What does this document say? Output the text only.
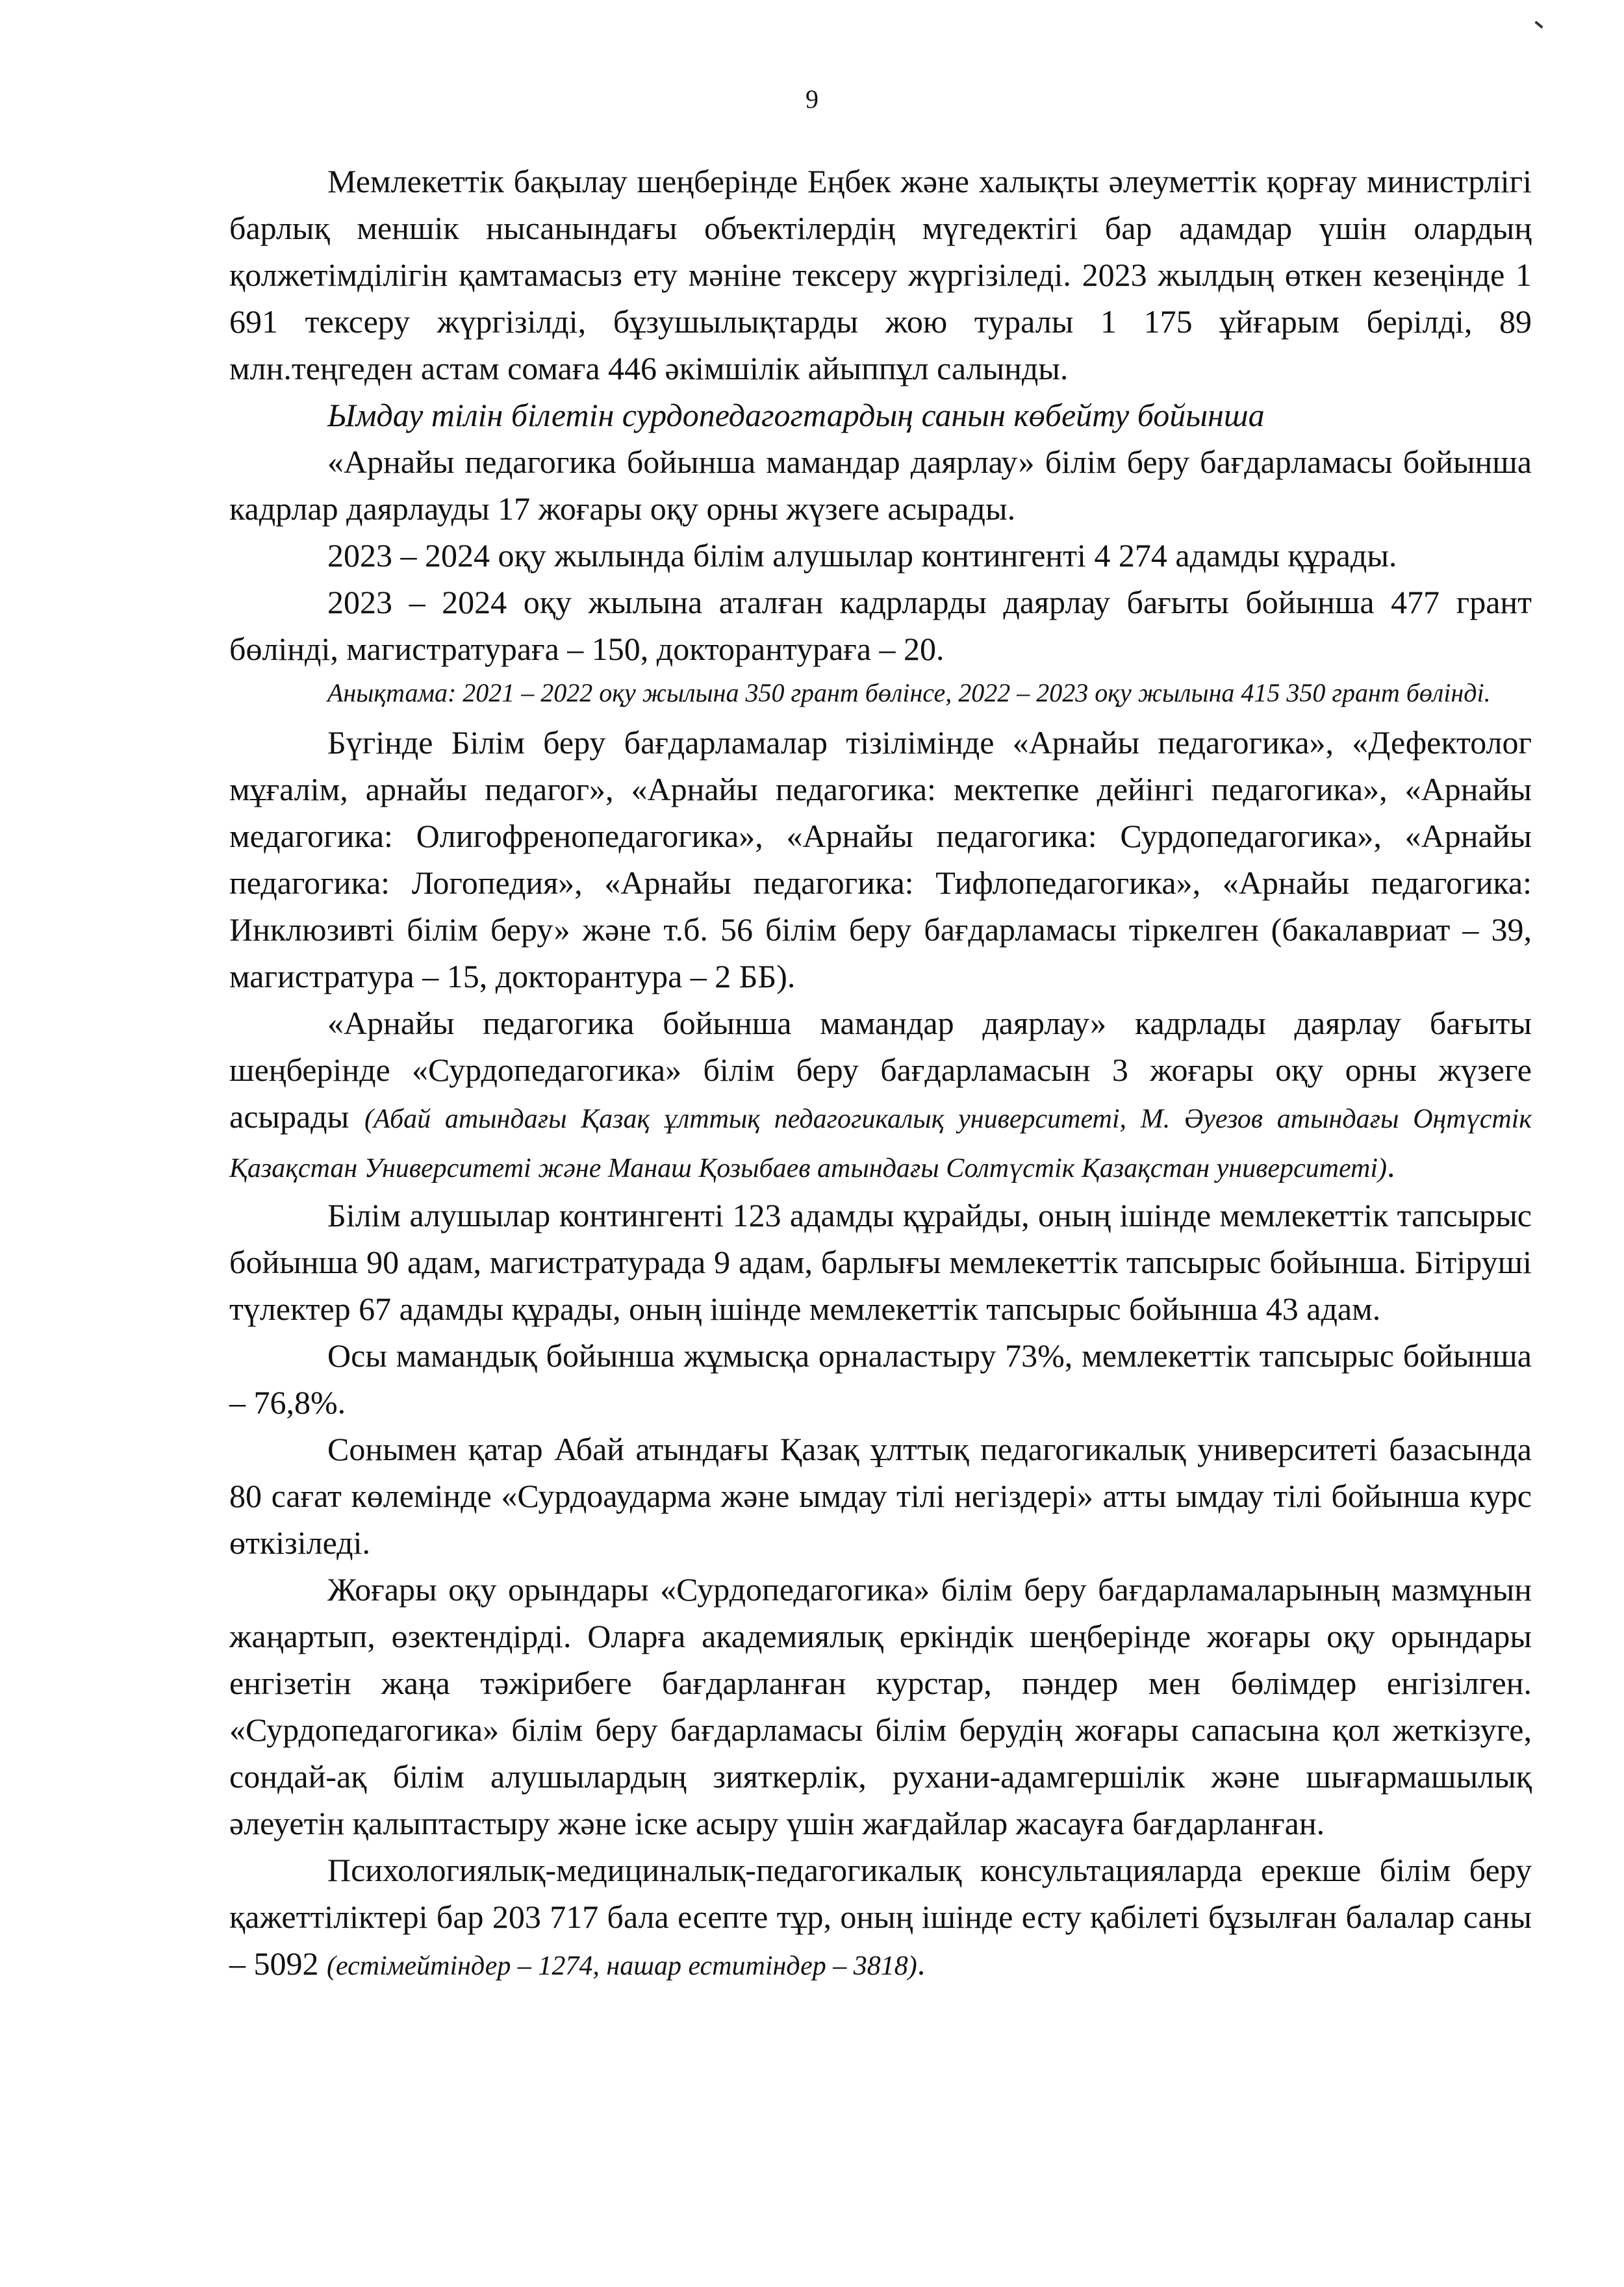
9

Мемлекеттік бақылау шеңберінде Еңбек және халықты әлеуметтік қорғау министрлігі барлық меншік нысанындағы объектілердің мүгедектігі бар адамдар үшін олардың қолжетімділігін қамтамасыз ету мәніне тексеру жүргізіледі. 2023 жылдың өткен кезеңінде 1 691 тексеру жүргізілді, бұзушылықтарды жою туралы 1 175 ұйғарым берілді, 89 млн.теңгеден астам сомаға 446 әкімшілік айыппұл салынды.

Ымдау тілін білетін сурдопедагогтардың санын көбейту бойынша

«Арнайы педагогика бойынша мамандар даярлау» білім беру бағдарламасы бойынша кадрлар даярлауды 17 жоғары оқу орны жүзеге асырады.

2023 – 2024 оқу жылында білім алушылар контингенті 4 274 адамды құрады.

2023 – 2024 оқу жылына аталған кадрларды даярлау бағыты бойынша 477 грант бөлінді, магистратураға – 150, докторантураға – 20.

Анықтама: 2021 – 2022 оқу жылына 350 грант бөлінсе, 2022 – 2023 оқу жылына 415 350 грант бөлінді.

Бүгінде Білім беру бағдарламалар тізілімінде «Арнайы педагогика», «Дефектолог мұғалім, арнайы педагог», «Арнайы педагогика: мектепке дейінгі педагогика», «Арнайы медагогика: Олигофренопедагогика», «Арнайы педагогика: Сурдопедагогика», «Арнайы педагогика: Логопедия», «Арнайы педагогика: Тифлопедагогика», «Арнайы педагогика: Инклюзивті білім беру» және т.б. 56 білім беру бағдарламасы тіркелген (бакалавриат – 39, магистратура – 15, докторантура – 2 ББ).

«Арнайы педагогика бойынша мамандар даярлау» кадрлады даярлау бағыты шеңберінде «Сурдопедагогика» білім беру бағдарламасын 3 жоғары оқу орны жүзеге асырады (Абай атындағы Қазақ ұлттық педагогикалық университеті, М. Әуезов атындағы Оңтүстік Қазақстан Университеті және Манаш Қозыбаев атындағы Солтүстік Қазақстан университеті).

Білім алушылар контингенті 123 адамды құрайды, оның ішінде мемлекеттік тапсырыс бойынша 90 адам, магистратурада 9 адам, барлығы мемлекеттік тапсырыс бойынша. Бітіруші түлектер 67 адамды құрады, оның ішінде мемлекеттік тапсырыс бойынша 43 адам.

Осы мамандық бойынша жұмысқа орналастыру 73%, мемлекеттік тапсырыс бойынша – 76,8%.

Сонымен қатар Абай атындағы Қазақ ұлттық педагогикалық университеті базасында 80 сағат көлемінде «Сурдоаударма және ымдау тілі негіздері» атты ымдау тілі бойынша курс өткізіледі.

Жоғары оқу орындары «Сурдопедагогика» білім беру бағдарламаларының мазмұнын жаңартып, өзектендірді. Оларға академиялық еркіндік шеңберінде жоғары оқу орындары енгізетін жаңа тәжірибеге бағдарланған курстар, пәндер мен бөлімдер енгізілген. «Сурдопедагогика» білім беру бағдарламасы білім берудің жоғары сапасына қол жеткізуге, сондай-ақ білім алушылардың зияткерлік, рухани-адамгершілік және шығармашылық әлеуетін қалыптастыру және іске асыру үшін жағдайлар жасауға бағдарланған.

Психологиялық-медициналық-педагогикалық консультацияларда ерекше білім беру қажеттіліктері бар 203 717 бала есепте тұр, оның ішінде есту қабілеті бұзылған балалар саны – 5092 (естімейтіндер – 1274, нашар еститіндер – 3818).
